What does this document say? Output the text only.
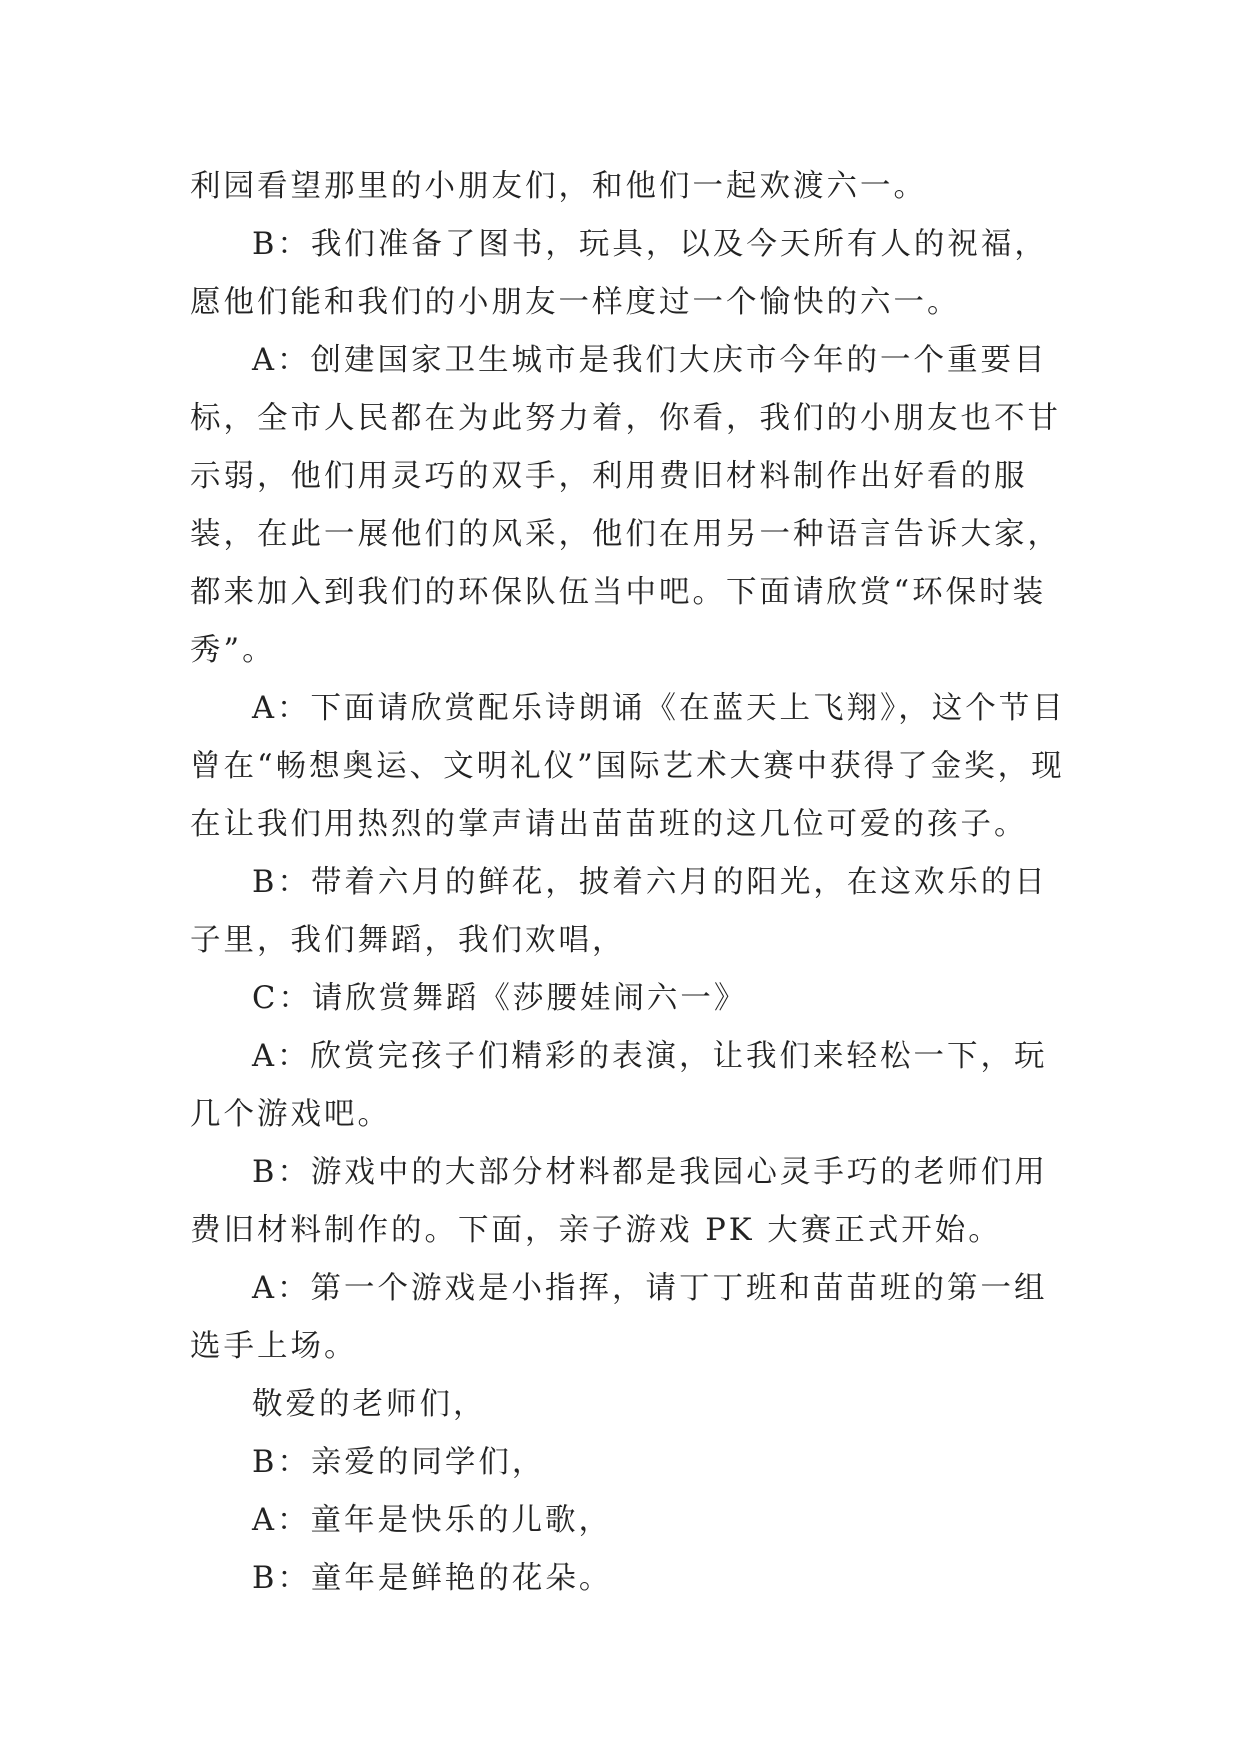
利园看望那里的小朋友们，和他们一起欢渡六一。

B：我们准备了图书，玩具，以及今天所有人的祝福，愿他们能和我们的小朋友一样度过一个愉快的六一。

A：创建国家卫生城市是我们大庆市今年的一个重要目标，全市人民都在为此努力着，你看，我们的小朋友也不甘示弱，他们用灵巧的双手，利用费旧材料制作出好看的服装，在此一展他们的风采，他们在用另一种语言告诉大家，都来加入到我们的环保队伍当中吧。下面请欣赏“环保时装秀”。

A：下面请欣赏配乐诗朗诵《在蓝天上飞翔》，这个节目曾在“畅想奥运、文明礼仪”国际艺术大赛中获得了金奖，现在让我们用热烈的掌声请出苗苗班的这几位可爱的孩子。

B：带着六月的鲜花，披着六月的阳光，在这欢乐的日子里，我们舞蹈，我们欢唱，

C：请欣赏舞蹈《莎腰娃闹六一》

A：欣赏完孩子们精彩的表演，让我们来轻松一下，玩几个游戏吧。

B：游戏中的大部分材料都是我园心灵手巧的老师们用费旧材料制作的。下面，亲子游戏 PK 大赛正式开始。

A：第一个游戏是小指挥，请丁丁班和苗苗班的第一组选手上场。

敬爱的老师们，

B：亲爱的同学们，

A：童年是快乐的儿歌，

B：童年是鲜艳的花朵。
